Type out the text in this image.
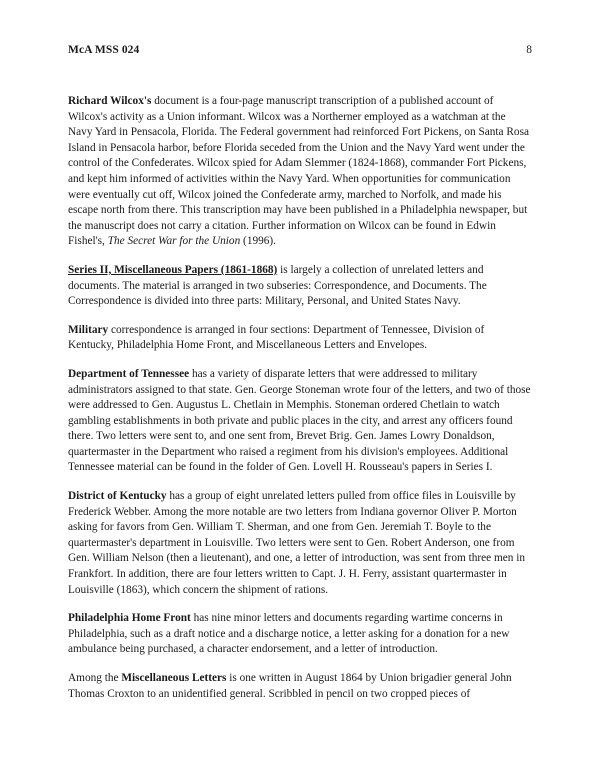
McA MSS 024	8

Richard Wilcox's document is a four-page manuscript transcription of a published account of Wilcox's activity as a Union informant. Wilcox was a Northerner employed as a watchman at the Navy Yard in Pensacola, Florida. The Federal government had reinforced Fort Pickens, on Santa Rosa Island in Pensacola harbor, before Florida seceded from the Union and the Navy Yard went under the control of the Confederates. Wilcox spied for Adam Slemmer (1824-1868), commander Fort Pickens, and kept him informed of activities within the Navy Yard. When opportunities for communication were eventually cut off, Wilcox joined the Confederate army, marched to Norfolk, and made his escape north from there. This transcription may have been published in a Philadelphia newspaper, but the manuscript does not carry a citation. Further information on Wilcox can be found in Edwin Fishel's, The Secret War for the Union (1996).

Series II, Miscellaneous Papers (1861-1868) is largely a collection of unrelated letters and documents. The material is arranged in two subseries: Correspondence, and Documents. The Correspondence is divided into three parts: Military, Personal, and United States Navy.

Military correspondence is arranged in four sections: Department of Tennessee, Division of Kentucky, Philadelphia Home Front, and Miscellaneous Letters and Envelopes.

Department of Tennessee has a variety of disparate letters that were addressed to military administrators assigned to that state. Gen. George Stoneman wrote four of the letters, and two of those were addressed to Gen. Augustus L. Chetlain in Memphis. Stoneman ordered Chetlain to watch gambling establishments in both private and public places in the city, and arrest any officers found there. Two letters were sent to, and one sent from, Brevet Brig. Gen. James Lowry Donaldson, quartermaster in the Department who raised a regiment from his division's employees. Additional Tennessee material can be found in the folder of Gen. Lovell H. Rousseau's papers in Series I.

District of Kentucky has a group of eight unrelated letters pulled from office files in Louisville by Frederick Webber. Among the more notable are two letters from Indiana governor Oliver P. Morton asking for favors from Gen. William T. Sherman, and one from Gen. Jeremiah T. Boyle to the quartermaster's department in Louisville. Two letters were sent to Gen. Robert Anderson, one from Gen. William Nelson (then a lieutenant), and one, a letter of introduction, was sent from three men in Frankfort. In addition, there are four letters written to Capt. J. H. Ferry, assistant quartermaster in Louisville (1863), which concern the shipment of rations.

Philadelphia Home Front has nine minor letters and documents regarding wartime concerns in Philadelphia, such as a draft notice and a discharge notice, a letter asking for a donation for a new ambulance being purchased, a character endorsement, and a letter of introduction.

Among the Miscellaneous Letters is one written in August 1864 by Union brigadier general John Thomas Croxton to an unidentified general. Scribbled in pencil on two cropped pieces of
